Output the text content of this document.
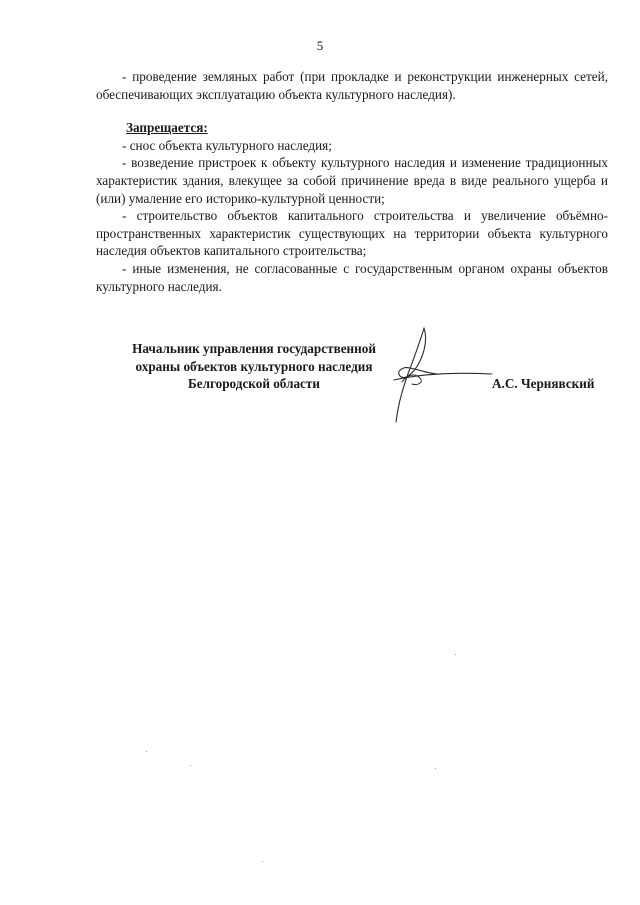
5

- проведение земляных работ (при прокладке и реконструкции инженерных сетей, обеспечивающих эксплуатацию объекта культурного наследия).

Запрещается:

- снос объекта культурного наследия;

- возведение пристроек к объекту культурного наследия и изменение традиционных характеристик здания, влекущее за собой причинение вреда в виде реального ущерба и (или) умаление его историко-культурной ценности;

- строительство объектов капитального строительства и увеличение объёмно-пространственных характеристик существующих на территории объекта культурного наследия объектов капитального строительства;

- иные изменения, не согласованные с государственным органом охраны объектов культурного наследия.

Начальник управления государственной
охраны объектов культурного наследия
Белгородской области	А.С. Чернявский
